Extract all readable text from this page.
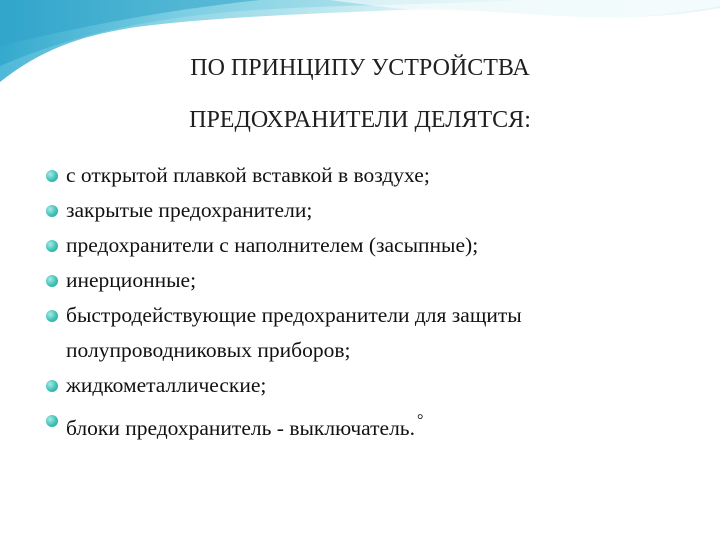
ПО ПРИНЦИПУ УСТРОЙСТВА
ПРЕДОХРАНИТЕЛИ ДЕЛЯТСЯ:
с открытой плавкой вставкой в воздухе;
закрытые предохранители;
предохранители с наполнителем (засыпные);
инерционные;
быстродействующие предохранители для защиты
полупроводниковых приборов;
жидкометаллические;
блоки предохранитель - выключатель. °
